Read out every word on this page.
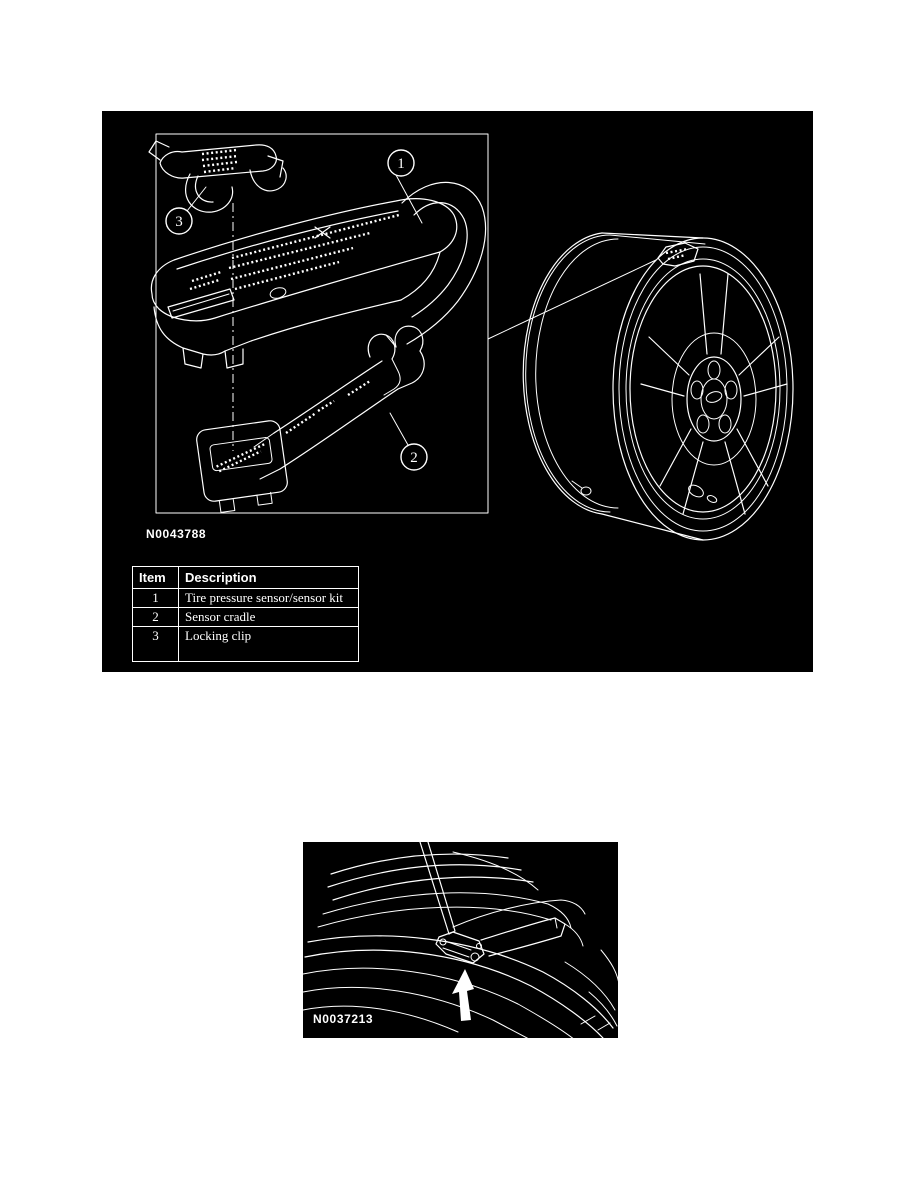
1
2
3
N0043788
Item	Description
1	Tire pressure sensor/sensor kit
2	Sensor cradle
3	Locking clip
N0037213
